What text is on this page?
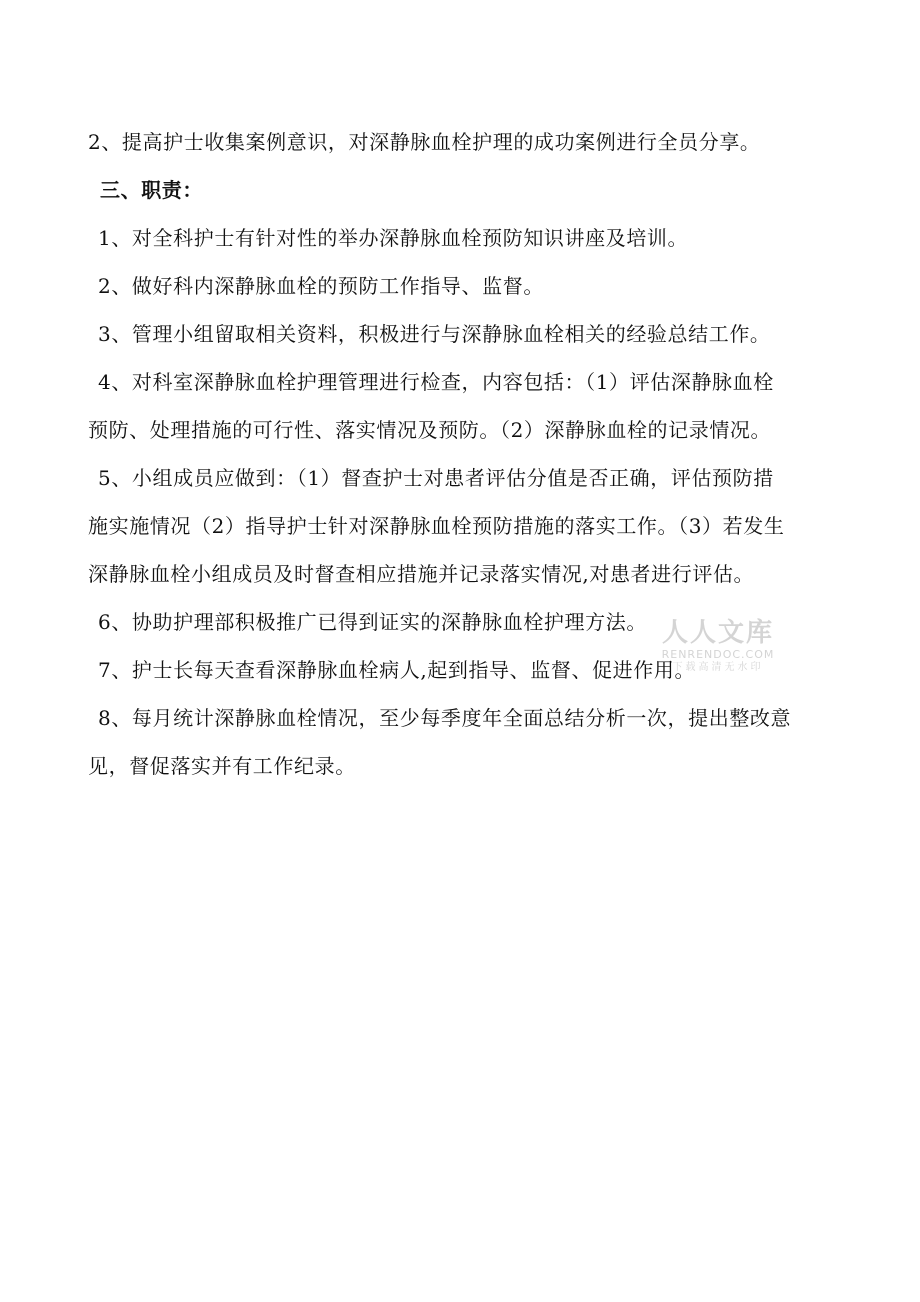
2、提高护士收集案例意识，对深静脉血栓护理的成功案例进行全员分享。
三、职责：
1、对全科护士有针对性的举办深静脉血栓预防知识讲座及培训。
2、做好科内深静脉血栓的预防工作指导、监督。
3、管理小组留取相关资料，积极进行与深静脉血栓相关的经验总结工作。
4、对科室深静脉血栓护理管理进行检查，内容包括：（1）评估深静脉血栓
预防、处理措施的可行性、落实情况及预防。（2）深静脉血栓的记录情况。
5、小组成员应做到：（1）督查护士对患者评估分值是否正确，评估预防措
施实施情况（2）指导护士针对深静脉血栓预防措施的落实工作。（3）若发生
深静脉血栓小组成员及时督查相应措施并记录落实情况,对患者进行评估。
6、协助护理部积极推广已得到证实的深静脉血栓护理方法。
7、护士长每天查看深静脉血栓病人,起到指导、监督、促进作用。
8、每月统计深静脉血栓情况，至少每季度年全面总结分析一次，提出整改意
见，督促落实并有工作纪录。
人人文库
RENRENDOC.COM
下载高清无水印
